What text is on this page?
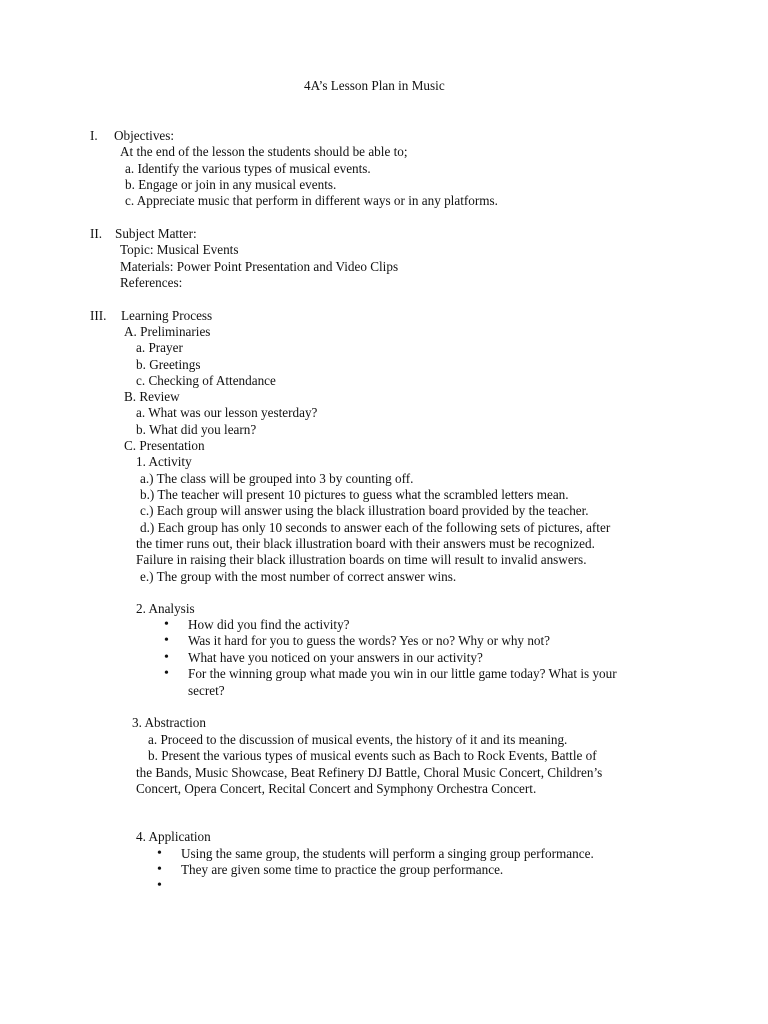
4A’s Lesson Plan in Music
I. Objectives:
At the end of the lesson the students should be able to;
a. Identify the various types of musical events.
b. Engage or join in any musical events.
c. Appreciate music that perform in different ways or in any platforms.
II. Subject Matter:
Topic: Musical Events
Materials: Power Point Presentation and Video Clips
References:
III. Learning Process
A. Preliminaries
a. Prayer
b. Greetings
c. Checking of Attendance
B. Review
a. What was our lesson yesterday?
b. What did you learn?
C. Presentation
1. Activity
a.) The class will be grouped into 3 by counting off.
b.) The teacher will present 10 pictures to guess what the scrambled letters mean.
c.) Each group will answer using the black illustration board provided by the teacher.
d.) Each group has only 10 seconds to answer each of the following sets of pictures, after
the timer runs out, their black illustration board with their answers must be recognized.
Failure in raising their black illustration boards on time will result to invalid answers.
e.) The group with the most number of correct answer wins.
2. Analysis
• How did you find the activity?
• Was it hard for you to guess the words? Yes or no? Why or why not?
• What have you noticed on your answers in our activity?
• For the winning group what made you win in our little game today? What is your
secret?
3. Abstraction
a. Proceed to the discussion of musical events, the history of it and its meaning.
b. Present the various types of musical events such as Bach to Rock Events, Battle of
the Bands, Music Showcase, Beat Refinery DJ Battle, Choral Music Concert, Children’s
Concert, Opera Concert, Recital Concert and Symphony Orchestra Concert.
4. Application
• Using the same group, the students will perform a singing group performance.
• They are given some time to practice the group performance.
•
